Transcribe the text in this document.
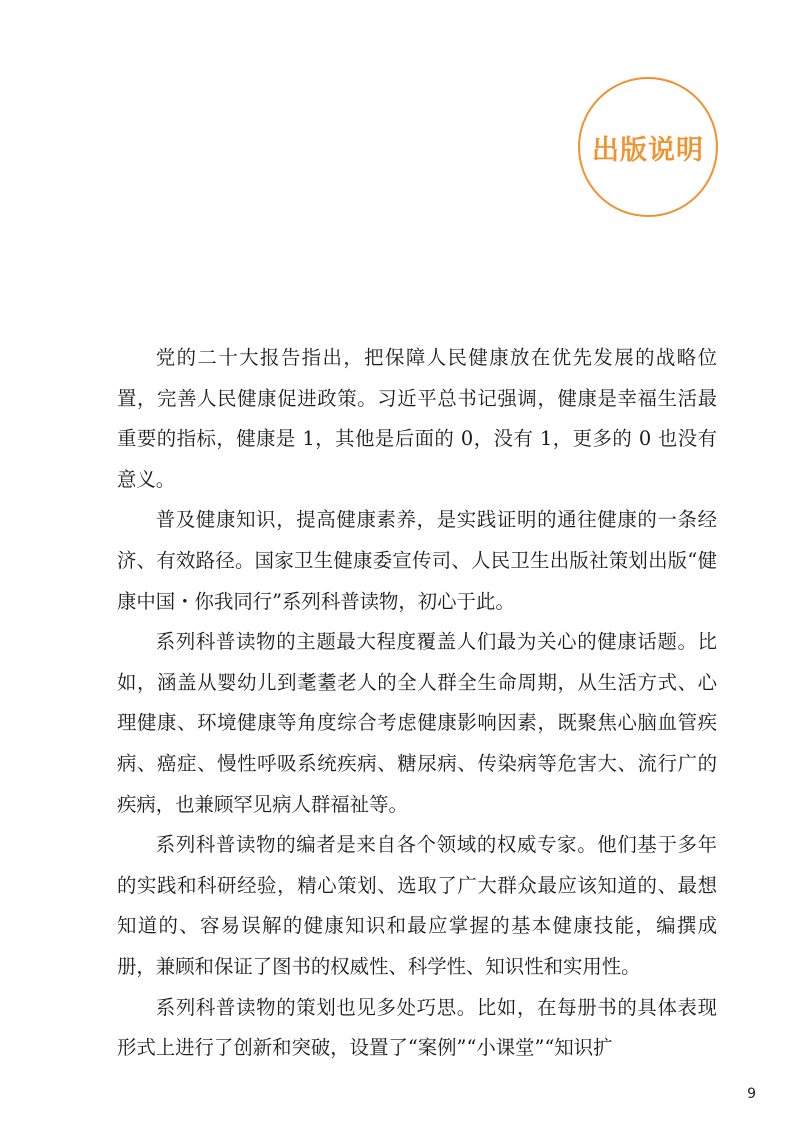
出版说明

党的二十大报告指出，把保障人民健康放在优先发展的战略位置，完善人民健康促进政策。习近平总书记强调，健康是幸福生活最重要的指标，健康是 1，其他是后面的 0，没有 1，更多的 0 也没有意义。

普及健康知识，提高健康素养，是实践证明的通往健康的一条经济、有效路径。国家卫生健康委宣传司、人民卫生出版社策划出版“健康中国・你我同行”系列科普读物，初心于此。

系列科普读物的主题最大程度覆盖人们最为关心的健康话题。比如，涵盖从婴幼儿到耄耋老人的全人群全生命周期，从生活方式、心理健康、环境健康等角度综合考虑健康影响因素，既聚焦心脑血管疾病、癌症、慢性呼吸系统疾病、糖尿病、传染病等危害大、流行广的疾病，也兼顾罕见病人群福祉等。

系列科普读物的编者是来自各个领域的权威专家。他们基于多年的实践和科研经验，精心策划、选取了广大群众最应该知道的、最想知道的、容易误解的健康知识和最应掌握的基本健康技能，编撰成册，兼顾和保证了图书的权威性、科学性、知识性和实用性。

系列科普读物的策划也见多处巧思。比如，在每册书的具体表现形式上进行了创新和突破，设置了“案例”“小课堂”“知识扩

9
